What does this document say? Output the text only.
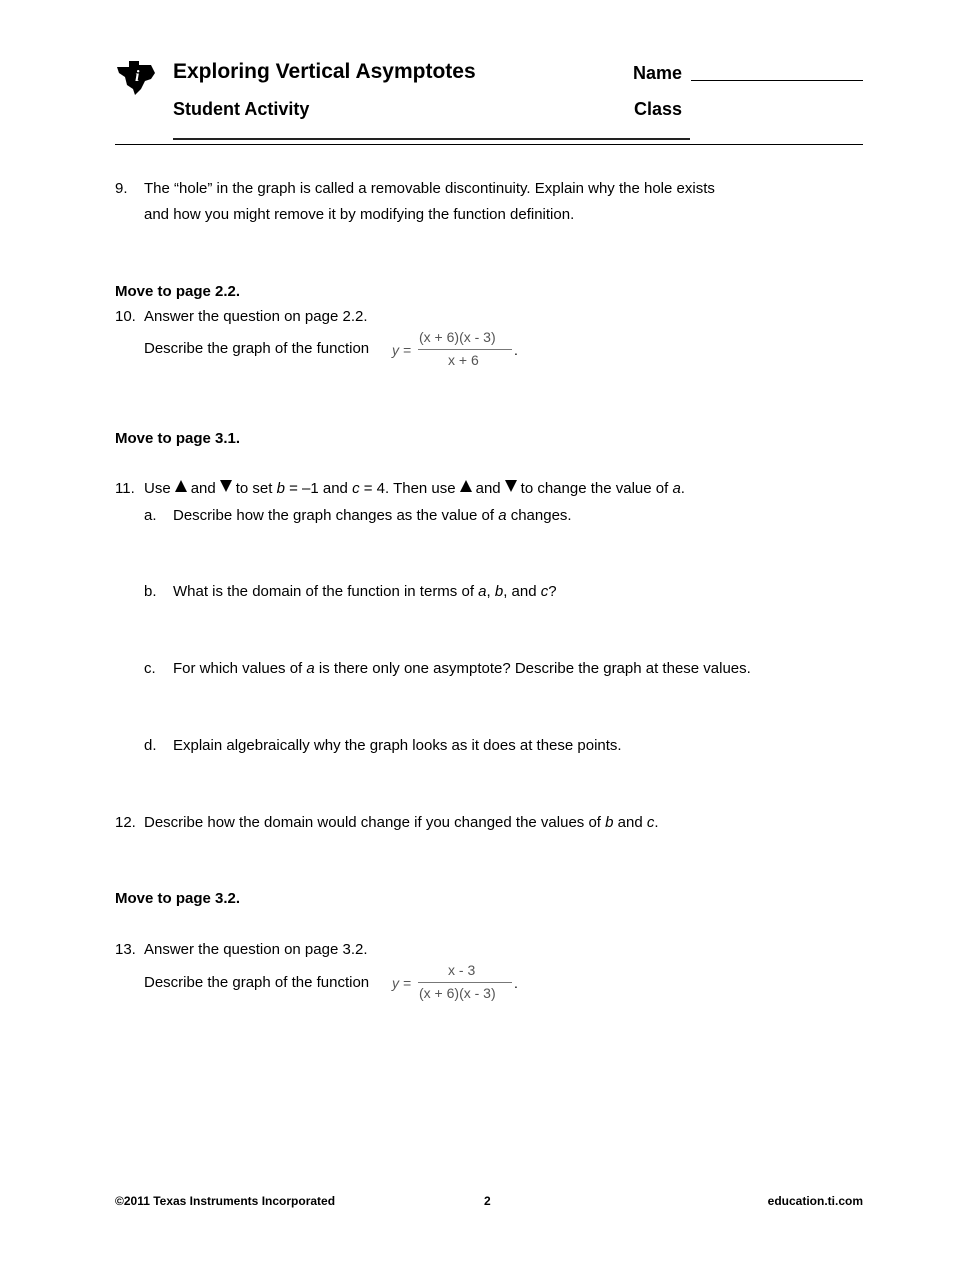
i Exploring Vertical Asymptotes
Student Activity
Name
Class
9. The “hole” in the graph is called a removable discontinuity. Explain why the hole exists
and how you might remove it by modifying the function definition.
Move to page 2.2.
10. Answer the question on page 2.2.
Describe the graph of the function y =
(x + 6)(x - 3)
x + 6
.
Move to page 3.1.
11. Use and to set b = –1 and c = 4. Then use and to change the value of a.
a. Describe how the graph changes as the value of a changes.
b. What is the domain of the function in terms of a, b, and c?
c. For which values of a is there only one asymptote? Describe the graph at these values.
d. Explain algebraically why the graph looks as it does at these points.
12. Describe how the domain would change if you changed the values of b and c.
Move to page 3.2.
13. Answer the question on page 3.2.
Describe the graph of the function y =
x - 3
(x + 6)(x - 3)
.
©2011 Texas Instruments Incorporated	2	education.ti.com
